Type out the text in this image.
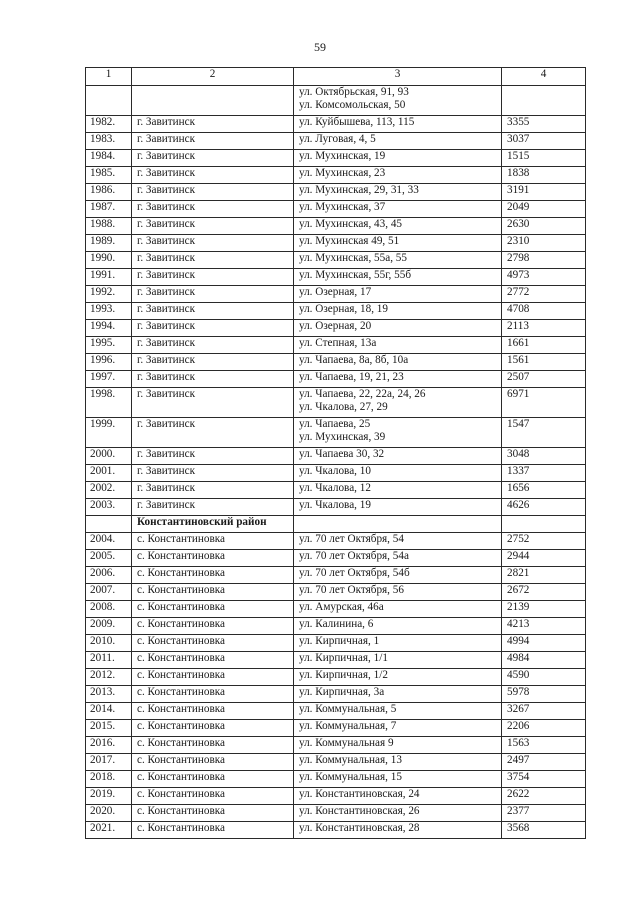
59
1	2	3	4

		ул. Октябрьская, 91, 93
ул. Комсомольская, 50	

1982.	г. Завитинск	ул. Куйбышева, 113, 115	3355
1983.	г. Завитинск	ул. Луговая, 4, 5	3037
1984.	г. Завитинск	ул. Мухинская, 19	1515
1985.	г. Завитинск	ул. Мухинская, 23	1838
1986.	г. Завитинск	ул. Мухинская, 29, 31, 33	3191
1987.	г. Завитинск	ул. Мухинская, 37	2049
1988.	г. Завитинск	ул. Мухинская, 43, 45	2630
1989.	г. Завитинск	ул. Мухинская 49, 51	2310
1990.	г. Завитинск	ул. Мухинская, 55а, 55	2798
1991.	г. Завитинск	ул. Мухинская, 55г, 55б	4973
1992.	г. Завитинск	ул. Озерная, 17	2772
1993.	г. Завитинск	ул. Озерная, 18, 19	4708
1994.	г. Завитинск	ул. Озерная, 20	2113
1995.	г. Завитинск	ул. Степная, 13а	1661
1996.	г. Завитинск	ул. Чапаева, 8а, 8б, 10а	1561
1997.	г. Завитинск	ул. Чапаева, 19, 21, 23	2507
1998.	г. Завитинск	ул. Чапаева, 22, 22а, 24, 26
ул. Чкалова, 27, 29	6971
1999.	г. Завитинск	ул. Чапаева, 25
ул. Мухинская, 39	1547
2000.	г. Завитинск	ул. Чапаева 30, 32	3048
2001.	г. Завитинск	ул. Чкалова, 10	1337
2002.	г. Завитинск	ул. Чкалова, 12	1656
2003.	г. Завитинск	ул. Чкалова, 19	4626
	Константиновский район	

2004.	с. Константиновка	ул. 70 лет Октября, 54	2752
2005.	с. Константиновка	ул. 70 лет Октября, 54а	2944
2006.	с. Константиновка	ул. 70 лет Октября, 54б	2821
2007.	с. Константиновка	ул. 70 лет Октября, 56	2672
2008.	с. Константиновка	ул. Амурская, 46а	2139
2009.	с. Константиновка	ул. Калинина, 6	4213
2010.	с. Константиновка	ул. Кирпичная, 1	4994
2011.	с. Константиновка	ул. Кирпичная, 1/1	4984
2012.	с. Константиновка	ул. Кирпичная, 1/2	4590
2013.	с. Константиновка	ул. Кирпичная, 3а	5978
2014.	с. Константиновка	ул. Коммунальная, 5	3267
2015.	с. Константиновка	ул. Коммунальная, 7	2206
2016.	с. Константиновка	ул. Коммунальная 9	1563
2017.	с. Константиновка	ул. Коммунальная, 13	2497
2018.	с. Константиновка	ул. Коммунальная, 15	3754
2019.	с. Константиновка	ул. Константиновская, 24	2622
2020.	с. Константиновка	ул. Константиновская, 26	2377
2021.	с. Константиновка	ул. Константиновская, 28	3568
